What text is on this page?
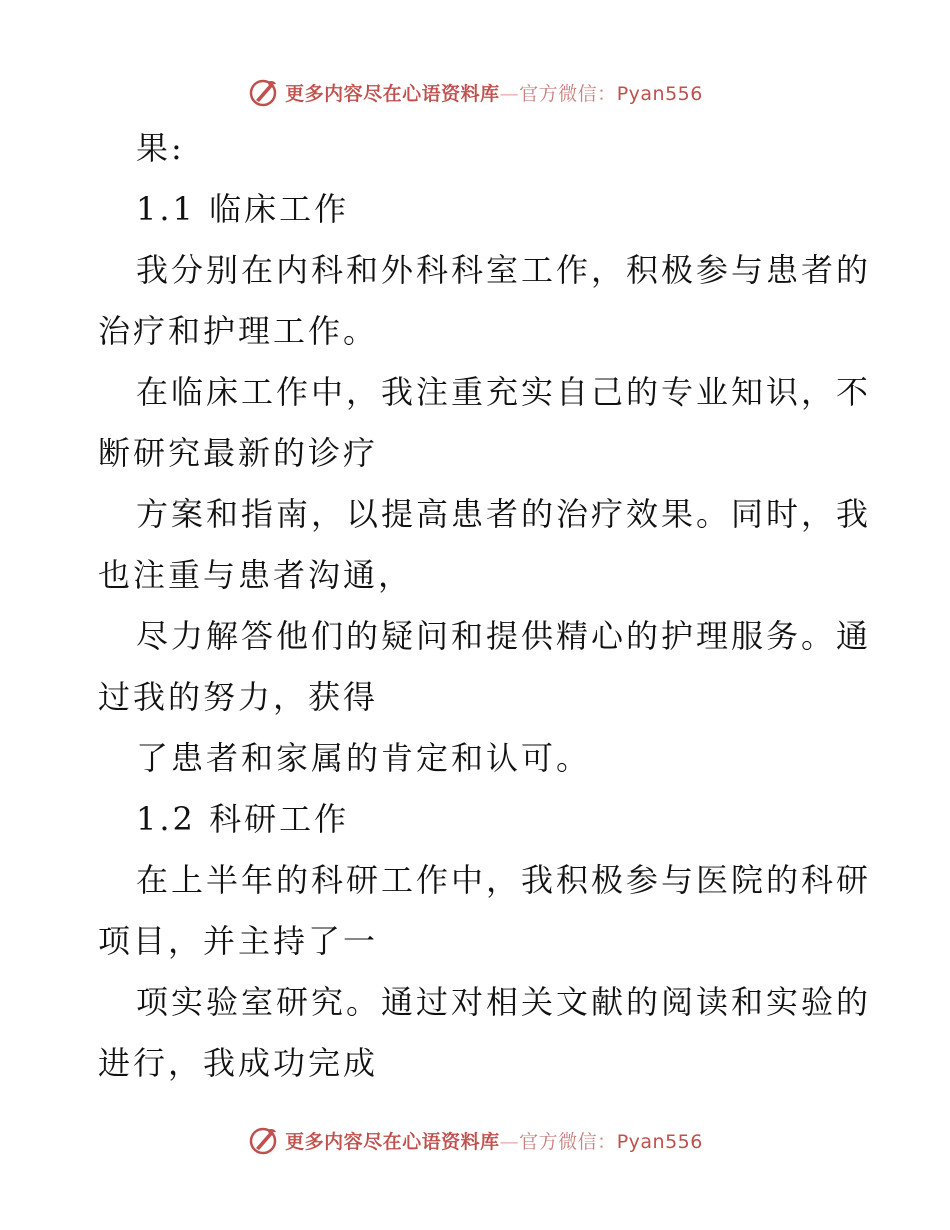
更多内容尽在心语资料库—官方微信：Pyan556
果:
1.1 临床工作
我分别在内科和外科科室工作，积极参与患者的
治疗和护理工作。
在临床工作中，我注重充实自己的专业知识，不
断研究最新的诊疗
方案和指南，以提高患者的治疗效果。同时，我
也注重与患者沟通，
尽力解答他们的疑问和提供精心的护理服务。通
过我的努力，获得
了患者和家属的肯定和认可。
1.2 科研工作
在上半年的科研工作中，我积极参与医院的科研
项目，并主持了一
项实验室研究。通过对相关文献的阅读和实验的
进行，我成功完成
更多内容尽在心语资料库—官方微信：Pyan556
